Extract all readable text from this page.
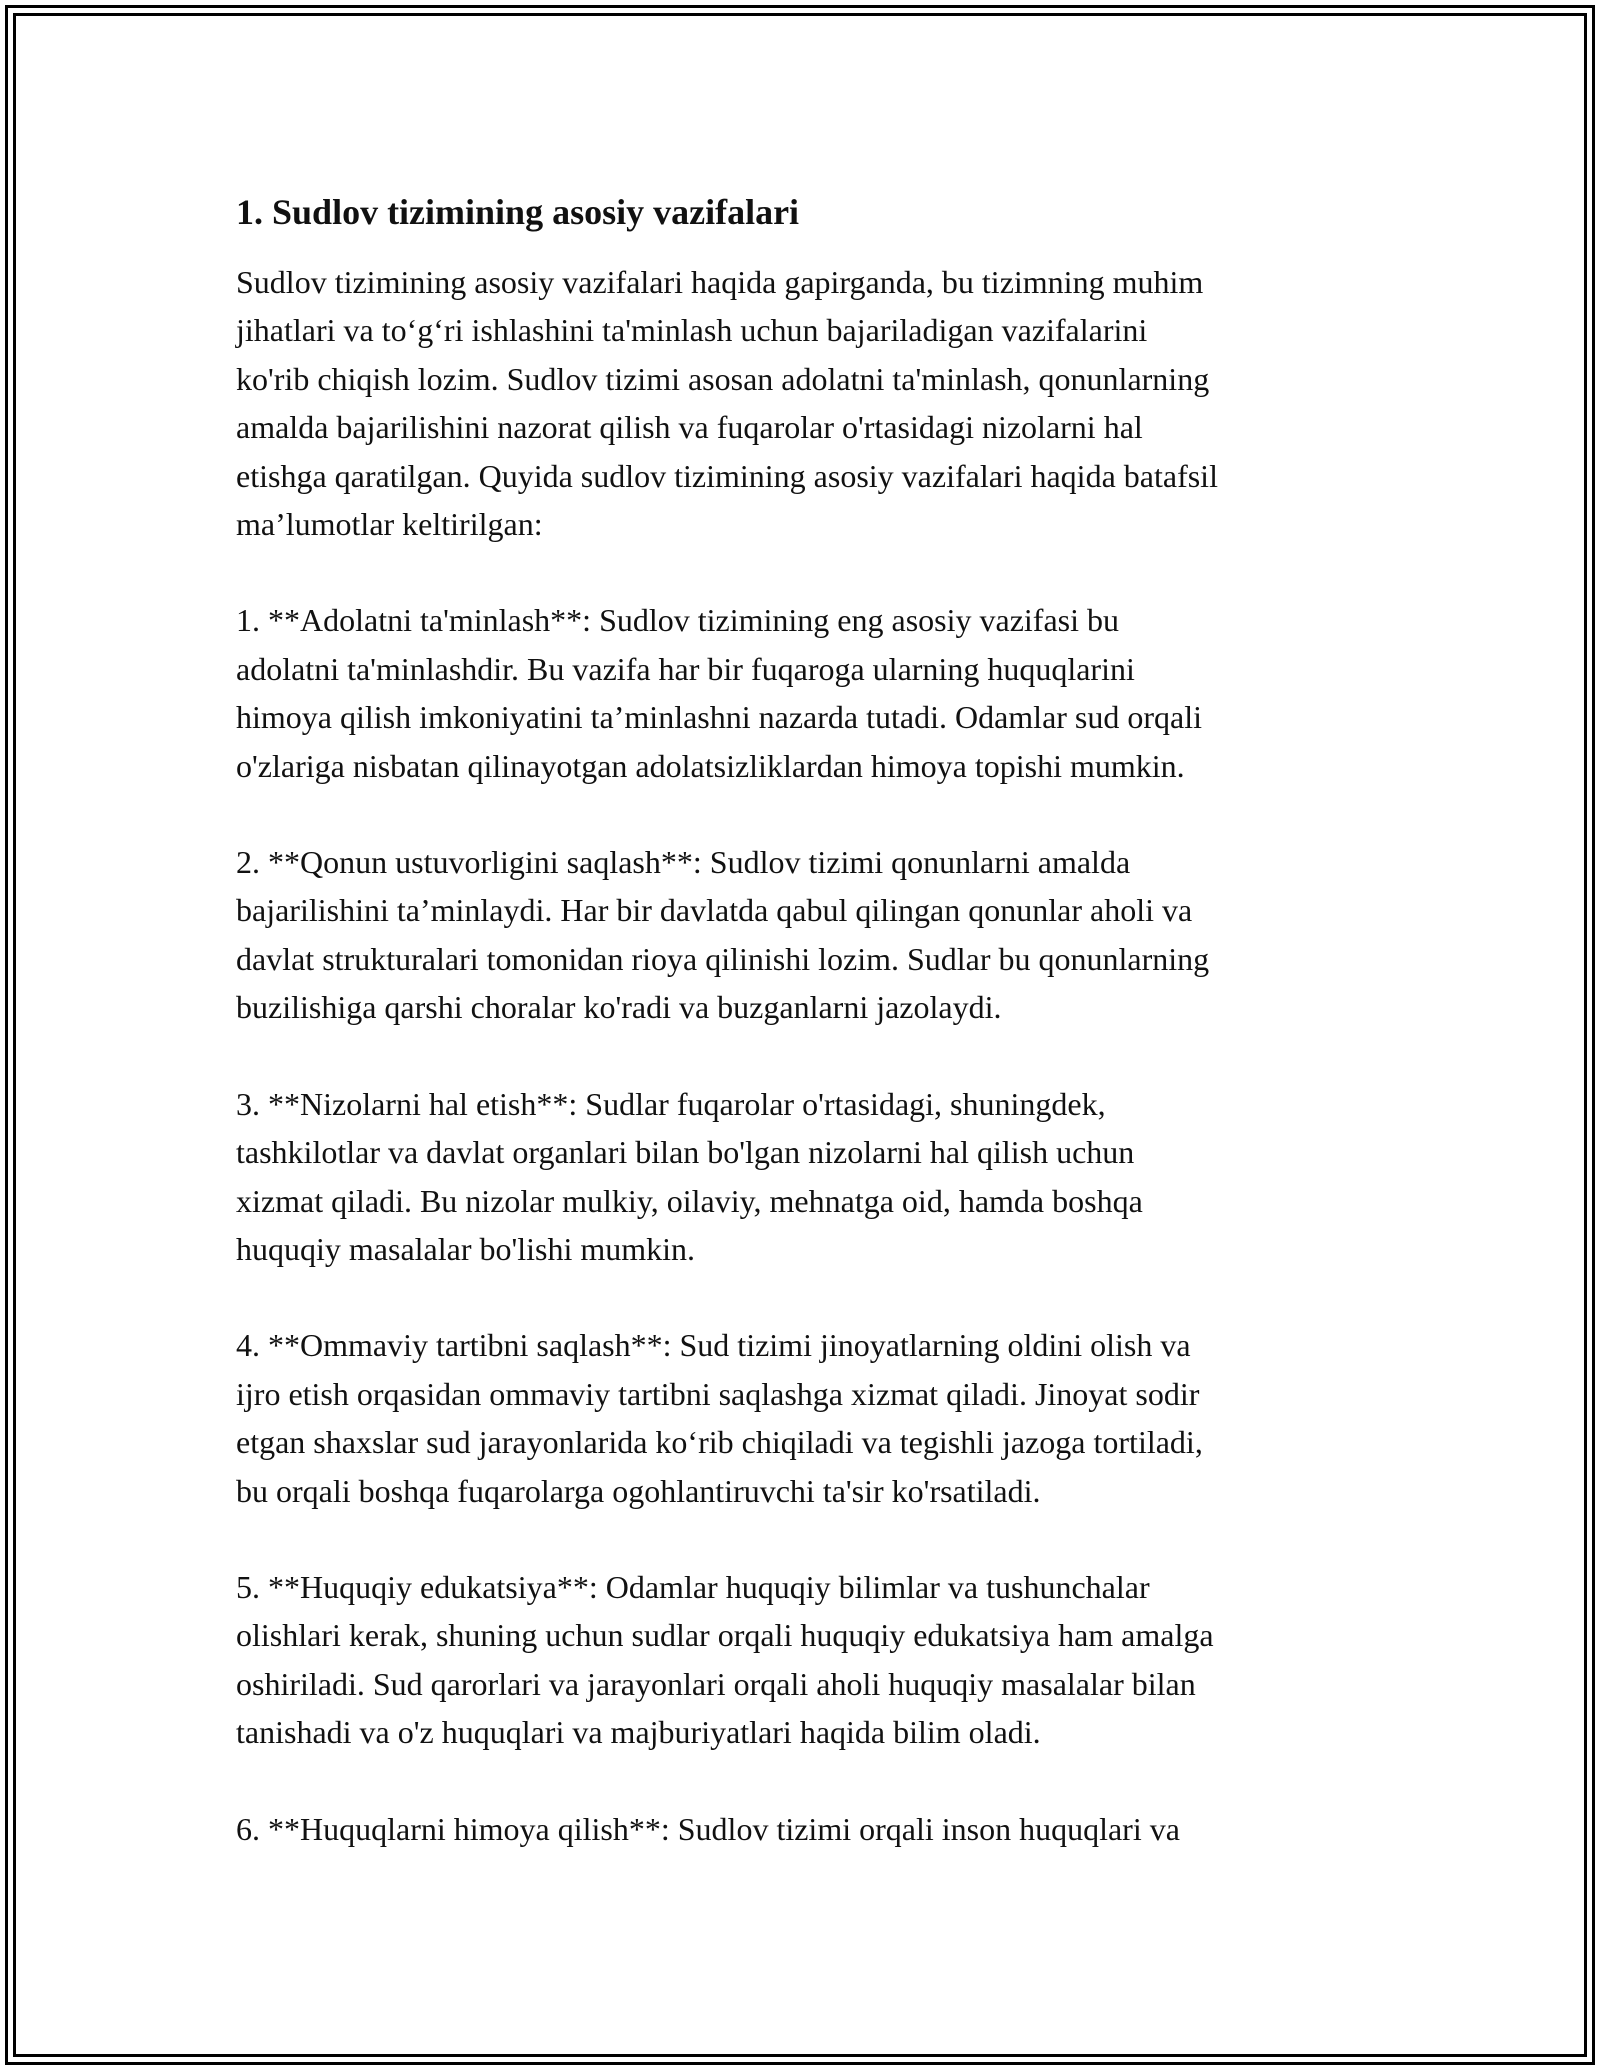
1. Sudlov tizimining asosiy vazifalari

Sudlov tizimining asosiy vazifalari haqida gapirganda, bu tizimning muhim
jihatlari va to‘g‘ri ishlashini ta'minlash uchun bajariladigan vazifalarini
ko'rib chiqish lozim. Sudlov tizimi asosan adolatni ta'minlash, qonunlarning
amalda bajarilishini nazorat qilish va fuqarolar o'rtasidagi nizolarni hal
etishga qaratilgan. Quyida sudlov tizimining asosiy vazifalari haqida batafsil
ma’lumotlar keltirilgan:

1. **Adolatni ta'minlash**: Sudlov tizimining eng asosiy vazifasi bu
adolatni ta'minlashdir. Bu vazifa har bir fuqaroga ularning huquqlarini
himoya qilish imkoniyatini ta’minlashni nazarda tutadi. Odamlar sud orqali
o'zlariga nisbatan qilinayotgan adolatsizliklardan himoya topishi mumkin.

2. **Qonun ustuvorligini saqlash**: Sudlov tizimi qonunlarni amalda
bajarilishini ta’minlaydi. Har bir davlatda qabul qilingan qonunlar aholi va
davlat strukturalari tomonidan rioya qilinishi lozim. Sudlar bu qonunlarning
buzilishiga qarshi choralar ko'radi va buzganlarni jazolaydi.

3. **Nizolarni hal etish**: Sudlar fuqarolar o'rtasidagi, shuningdek,
tashkilotlar va davlat organlari bilan bo'lgan nizolarni hal qilish uchun
xizmat qiladi. Bu nizolar mulkiy, oilaviy, mehnatga oid, hamda boshqa
huquqiy masalalar bo'lishi mumkin.

4. **Ommaviy tartibni saqlash**: Sud tizimi jinoyatlarning oldini olish va
ijro etish orqasidan ommaviy tartibni saqlashga xizmat qiladi. Jinoyat sodir
etgan shaxslar sud jarayonlarida ko‘rib chiqiladi va tegishli jazoga tortiladi,
bu orqali boshqa fuqarolarga ogohlantiruvchi ta'sir ko'rsatiladi.

5. **Huquqiy edukatsiya**: Odamlar huquqiy bilimlar va tushunchalar
olishlari kerak, shuning uchun sudlar orqali huquqiy edukatsiya ham amalga
oshiriladi. Sud qarorlari va jarayonlari orqali aholi huquqiy masalalar bilan
tanishadi va o'z huquqlari va majburiyatlari haqida bilim oladi.

6. **Huquqlarni himoya qilish**: Sudlov tizimi orqali inson huquqlari va
